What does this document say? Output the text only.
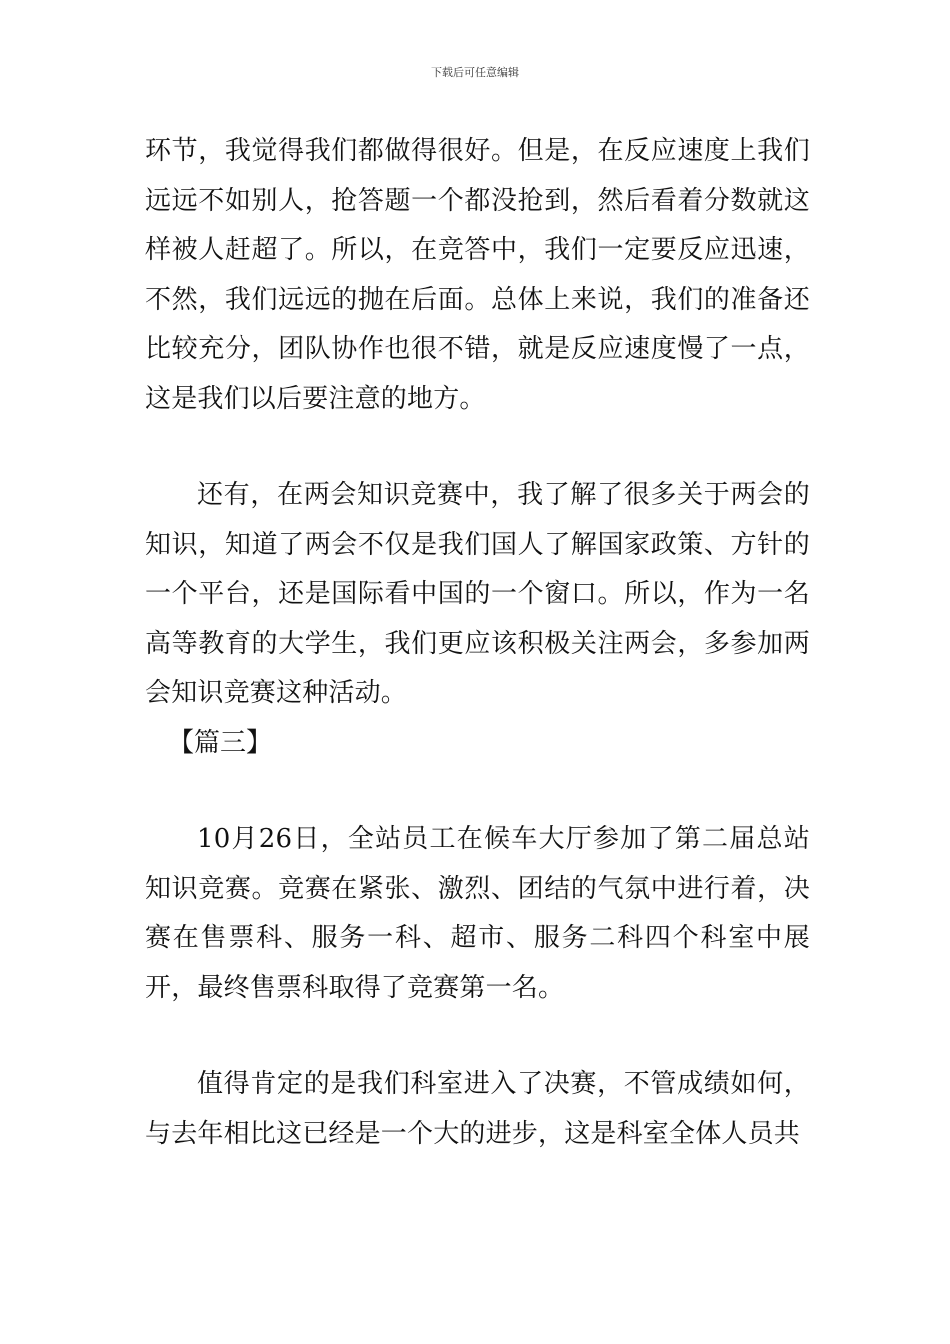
下载后可任意编辑

环节，我觉得我们都做得很好。但是，在反应速度上我们远远不如别人，抢答题一个都没抢到，然后看着分数就这样被人赶超了。所以，在竞答中，我们一定要反应迅速，不然，我们远远的抛在后面。总体上来说，我们的准备还比较充分，团队协作也很不错，就是反应速度慢了一点，这是我们以后要注意的地方。

还有，在两会知识竞赛中，我了解了很多关于两会的知识，知道了两会不仅是我们国人了解国家政策、方针的一个平台，还是国际看中国的一个窗口。所以，作为一名高等教育的大学生，我们更应该积极关注两会，多参加两会知识竞赛这种活动。

【篇三】

10月26日，全站员工在候车大厅参加了第二届总站知识竞赛。竞赛在紧张、激烈、团结的气氛中进行着，决赛在售票科、服务一科、超市、服务二科四个科室中展开，最终售票科取得了竞赛第一名。

值得肯定的是我们科室进入了决赛，不管成绩如何，与去年相比这已经是一个大的进步，这是科室全体人员共
